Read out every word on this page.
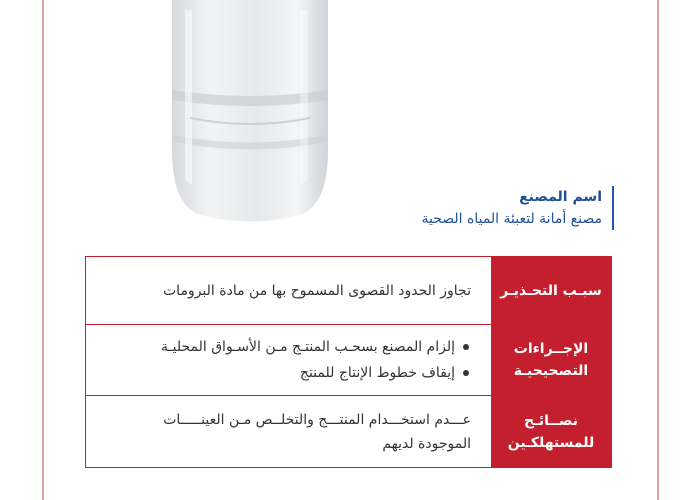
اسم المصنع
مصنع أمانة لتعبئة المياه الصحية
سبـب التحـذيـر
تجاوز الحدود القصوى المسموح بها من مادة البرومات
الإجــراءات التصحيحيـة
إلزام المصنع بسحـب المنتـج مـن الأسـواق المحليـة
إيقاف خطوط الإنتاج للمنتج
نصــائـح للمستهلكـين
عـــدم استخـــدام المنتـــج والتخلــص مـن العينـــــات الموجودة لديهم
